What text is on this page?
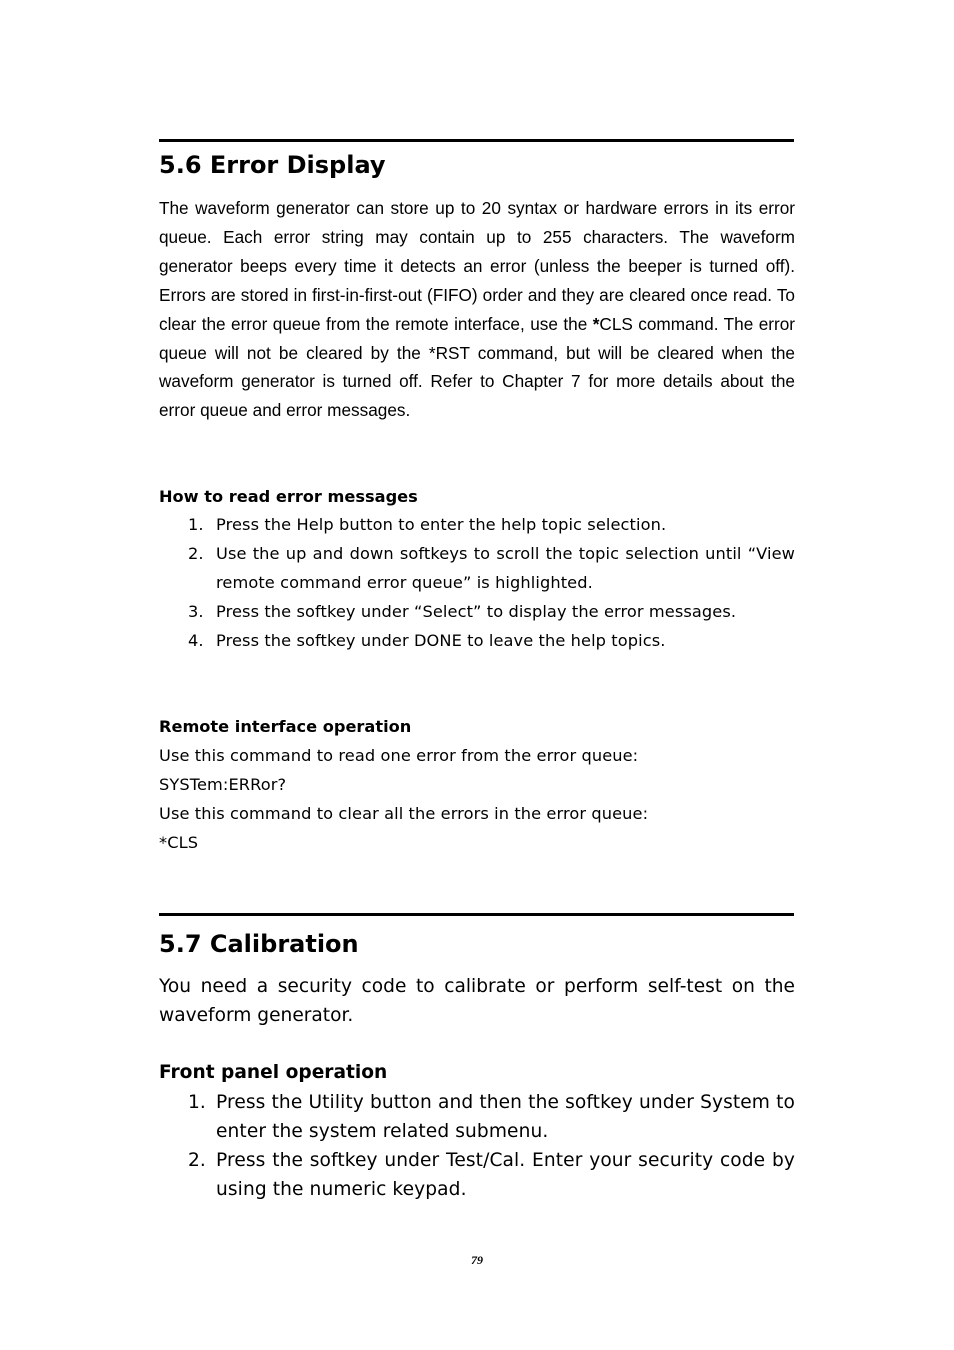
5.6 Error Display

The waveform generator can store up to 20 syntax or hardware errors in its error queue. Each error string may contain up to 255 characters. The waveform generator beeps every time it detects an error (unless the beeper is turned off). Errors are stored in first-in-first-out (FIFO) order and they are cleared once read. To clear the error queue from the remote interface, use the *CLS command. The error queue will not be cleared by the *RST command, but will be cleared when the waveform generator is turned off. Refer to Chapter 7 for more details about the error queue and error messages.

How to read error messages
1. Press the Help button to enter the help topic selection.
2. Use the up and down softkeys to scroll the topic selection until “View remote command error queue” is highlighted.
3. Press the softkey under “Select” to display the error messages.
4. Press the softkey under DONE to leave the help topics.
Remote interface operation
Use this command to read one error from the error queue:
SYSTem:ERRor?
Use this command to clear all the errors in the error queue:
*CLS
5.7 Calibration

You need a security code to calibrate or perform self-test on the waveform generator.

Front panel operation
1. Press the Utility button and then the softkey under System to enter the system related submenu.
2. Press the softkey under Test/Cal. Enter your security code by using the numeric keypad.
79
